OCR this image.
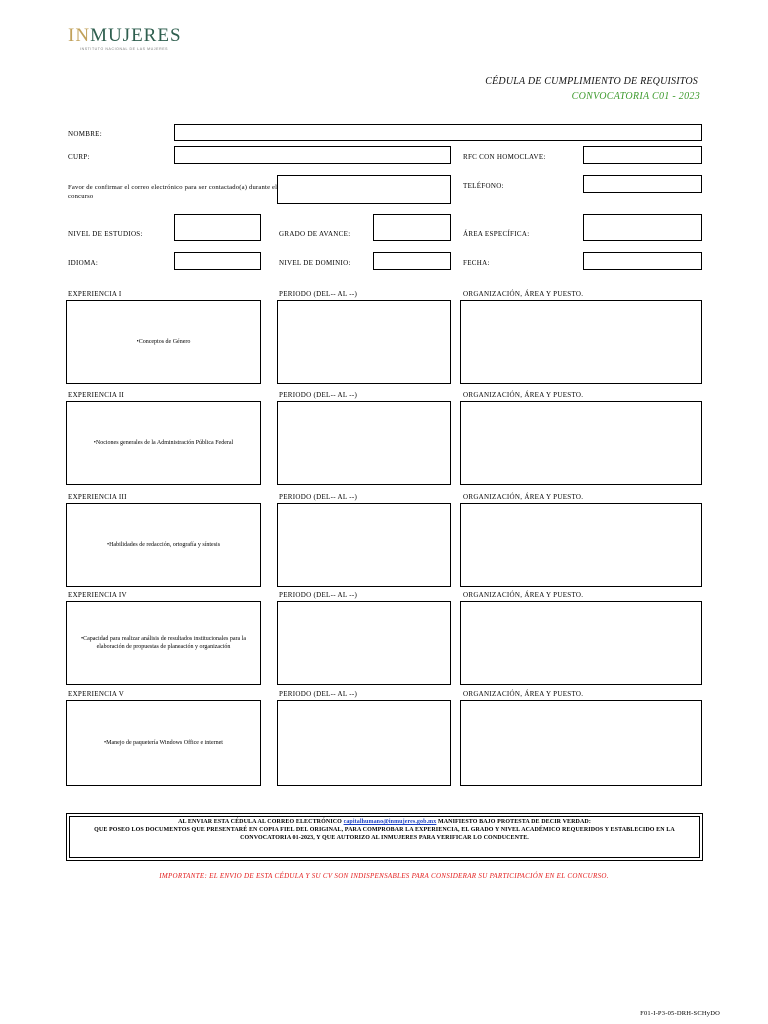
INMUJERES
INSTITUTO NACIONAL DE LAS MUJERES
CÉDULA DE CUMPLIMIENTO DE REQUISITOS
CONVOCATORIA C01 - 2023
NOMBRE:
CURP:	RFC CON HOMOCLAVE:
Favor de confirmar el correo electrónico para ser contactado(a) durante el concurso
TELÉFONO:
NIVEL DE ESTUDIOS:	GRADO DE AVANCE:	ÁREA ESPECÍFICA:
IDIOMA:	NIVEL DE DOMINIO:	FECHA:
EXPERIENCIA I	PERIODO (DEL-- AL --)	ORGANIZACIÓN, ÁREA Y PUESTO.
•Conceptos de Género
EXPERIENCIA II	PERIODO (DEL-- AL --)	ORGANIZACIÓN, ÁREA Y PUESTO.
•Nociones generales de la Administración Pública Federal
EXPERIENCIA III	PERIODO (DEL-- AL --)	ORGANIZACIÓN, ÁREA Y PUESTO.
•Habilidades de redacción, ortografía y síntesis
EXPERIENCIA IV	PERIODO (DEL-- AL --)	ORGANIZACIÓN, ÁREA Y PUESTO.
•Capacidad para realizar análisis de resultados institucionales para la elaboración de propuestas de planeación y organización
EXPERIENCIA V	PERIODO (DEL-- AL --)	ORGANIZACIÓN, ÁREA Y PUESTO.
•Manejo de paquetería Windows Office e internet
AL ENVIAR ESTA CÉDULA AL CORREO ELECTRÓNICO capitalhumano@inmujeres.gob.mx MANIFIESTO BAJO PROTESTA DE DECIR VERDAD:
QUE POSEO LOS DOCUMENTOS QUE PRESENTARÉ EN COPIA FIEL DEL ORIGINAL, PARA COMPROBAR LA EXPERIENCIA, EL GRADO Y NIVEL ACADÉMICO REQUERIDOS Y ESTABLECIDO EN LA CONVOCATORIA 01-2023, Y QUE AUTORIZO AL INMUJERES PARA VERIFICAR LO CONDUCENTE.
IMPORTANTE: EL ENVIO DE ESTA CÉDULA Y SU CV SON INDISPENSABLES PARA CONSIDERAR SU PARTICIPACIÓN EN EL CONCURSO.
F01-I-P3-05-DRH-SCHyDO
